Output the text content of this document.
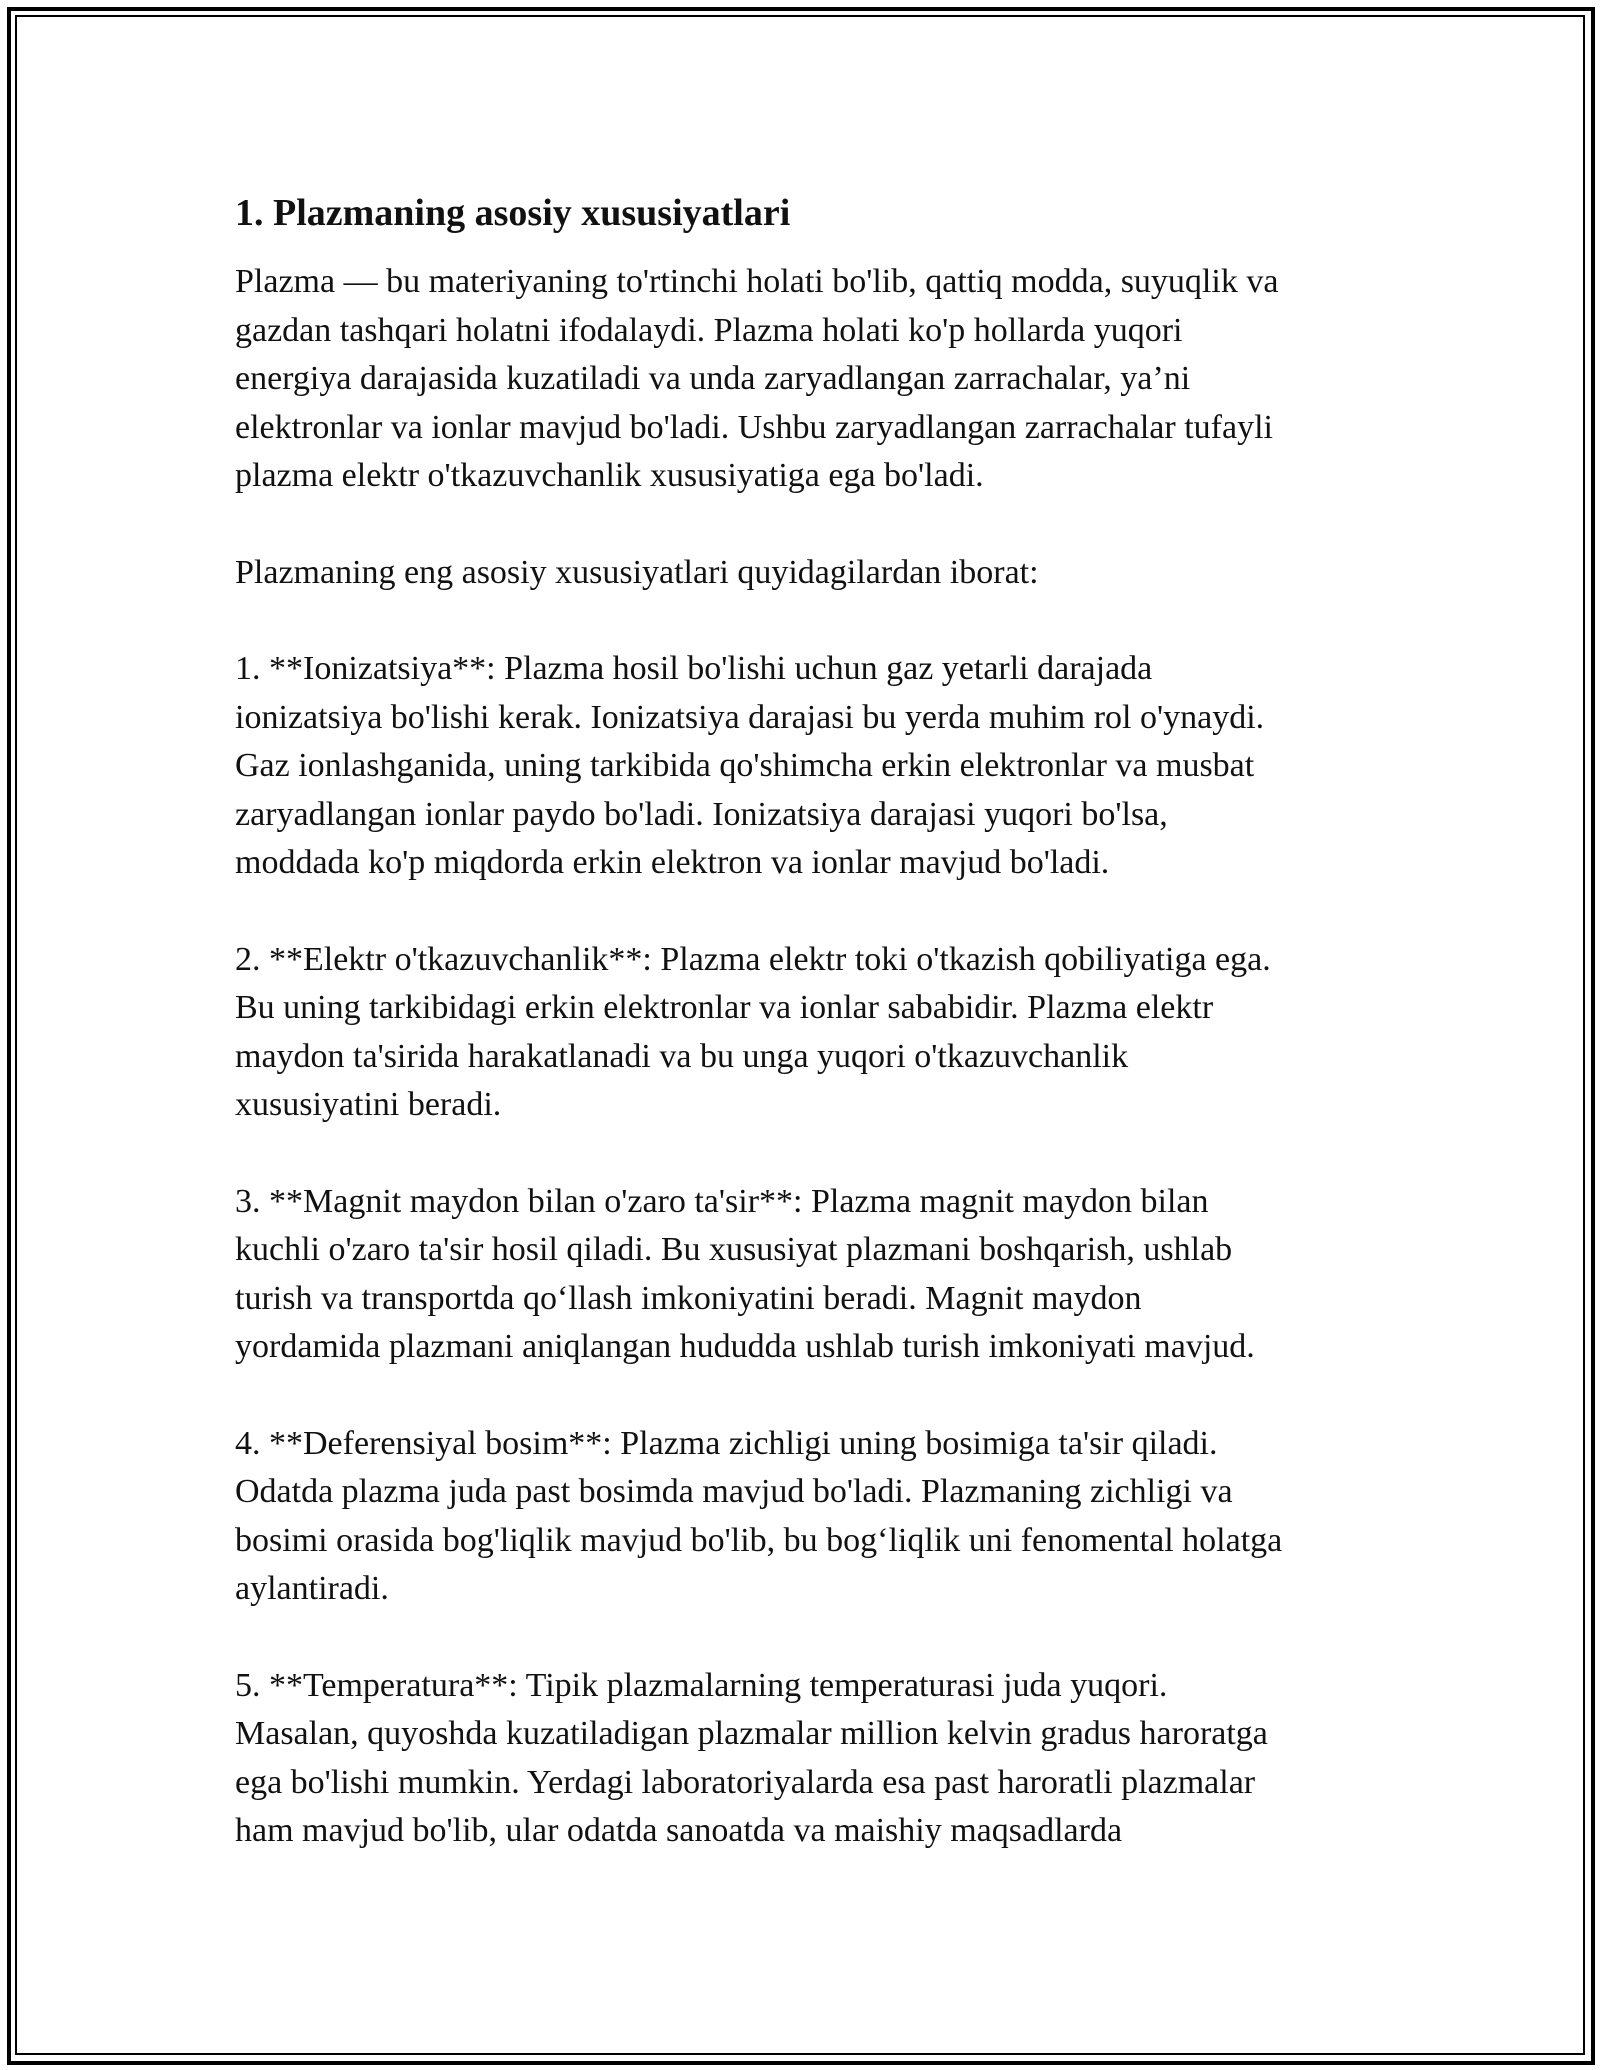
1. Plazmaning asosiy xususiyatlari

Plazma — bu materiyaning to'rtinchi holati bo'lib, qattiq modda, suyuqlik va
gazdan tashqari holatni ifodalaydi. Plazma holati ko'p hollarda yuqori
energiya darajasida kuzatiladi va unda zaryadlangan zarrachalar, ya’ni
elektronlar va ionlar mavjud bo'ladi. Ushbu zaryadlangan zarrachalar tufayli
plazma elektr o'tkazuvchanlik xususiyatiga ega bo'ladi.

Plazmaning eng asosiy xususiyatlari quyidagilardan iborat:

1. **Ionizatsiya**: Plazma hosil bo'lishi uchun gaz yetarli darajada
ionizatsiya bo'lishi kerak. Ionizatsiya darajasi bu yerda muhim rol o'ynaydi.
Gaz ionlashganida, uning tarkibida qo'shimcha erkin elektronlar va musbat
zaryadlangan ionlar paydo bo'ladi. Ionizatsiya darajasi yuqori bo'lsa,
moddada ko'p miqdorda erkin elektron va ionlar mavjud bo'ladi.

2. **Elektr o'tkazuvchanlik**: Plazma elektr toki o'tkazish qobiliyatiga ega.
Bu uning tarkibidagi erkin elektronlar va ionlar sababidir. Plazma elektr
maydon ta'sirida harakatlanadi va bu unga yuqori o'tkazuvchanlik
xususiyatini beradi.

3. **Magnit maydon bilan o'zaro ta'sir**: Plazma magnit maydon bilan
kuchli o'zaro ta'sir hosil qiladi. Bu xususiyat plazmani boshqarish, ushlab
turish va transportda qo‘llash imkoniyatini beradi. Magnit maydon
yordamida plazmani aniqlangan hududda ushlab turish imkoniyati mavjud.

4. **Deferensiyal bosim**: Plazma zichligi uning bosimiga ta'sir qiladi.
Odatda plazma juda past bosimda mavjud bo'ladi. Plazmaning zichligi va
bosimi orasida bog'liqlik mavjud bo'lib, bu bog‘liqlik uni fenomental holatga
aylantiradi.

5. **Temperatura**: Tipik plazmalarning temperaturasi juda yuqori.
Masalan, quyoshda kuzatiladigan plazmalar million kelvin gradus haroratga
ega bo'lishi mumkin. Yerdagi laboratoriyalarda esa past haroratli plazmalar
ham mavjud bo'lib, ular odatda sanoatda va maishiy maqsadlarda
